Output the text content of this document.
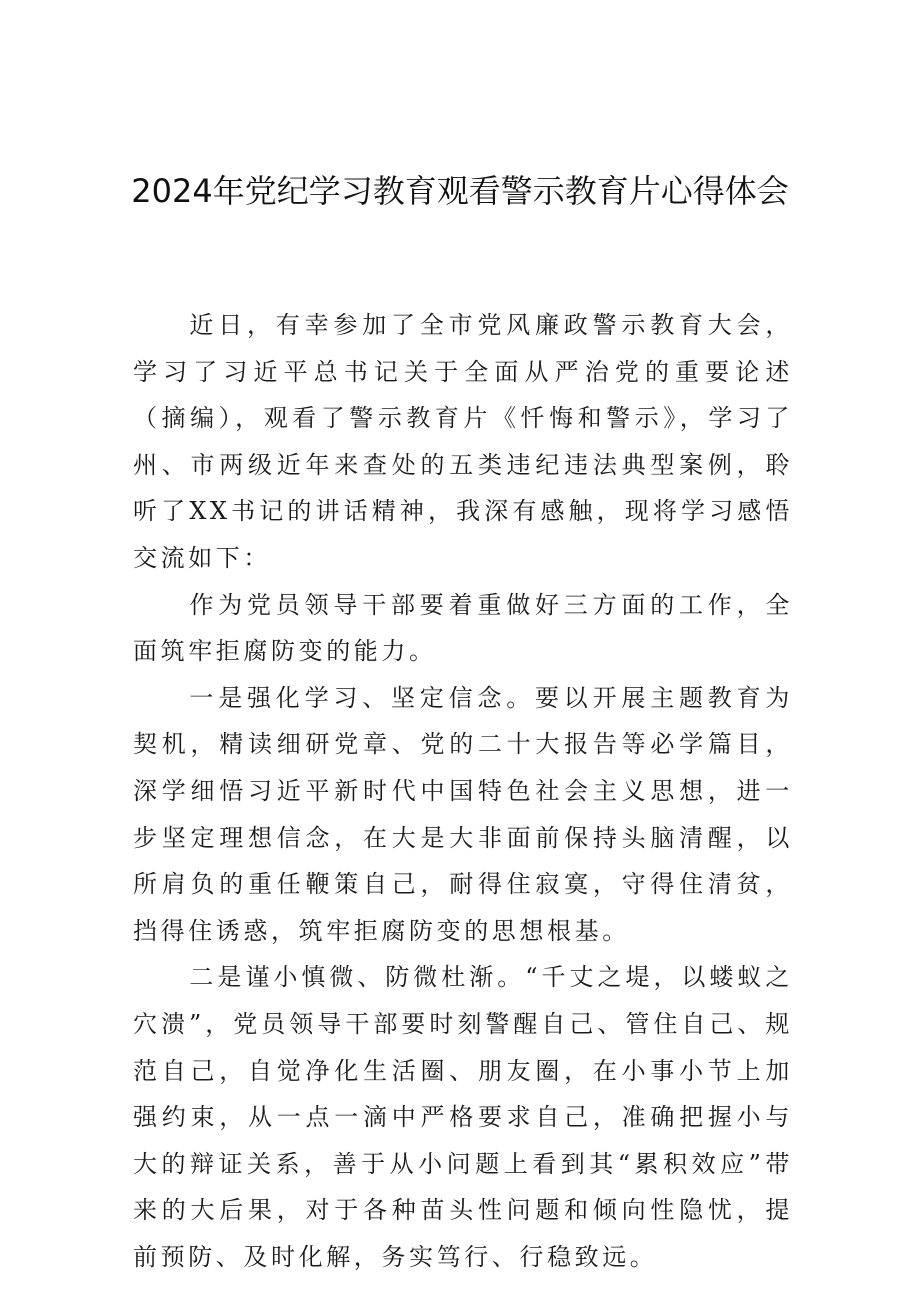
2024年党纪学习教育观看警示教育片心得体会

近日，有幸参加了全市党风廉政警示教育大会，学习了习近平总书记关于全面从严治党的重要论述（摘编），观看了警示教育片《忏悔和警示》，学习了州、市两级近年来查处的五类违纪违法典型案例，聆听了XX书记的讲话精神，我深有感触，现将学习感悟交流如下：

作为党员领导干部要着重做好三方面的工作，全面筑牢拒腐防变的能力。

一是强化学习、坚定信念。要以开展主题教育为契机，精读细研党章、党的二十大报告等必学篇目，深学细悟习近平新时代中国特色社会主义思想，进一步坚定理想信念，在大是大非面前保持头脑清醒，以所肩负的重任鞭策自己，耐得住寂寞，守得住清贫，挡得住诱惑，筑牢拒腐防变的思想根基。

二是谨小慎微、防微杜渐。“千丈之堤，以蝼蚁之穴溃”，党员领导干部要时刻警醒自己、管住自己、规范自己，自觉净化生活圈、朋友圈，在小事小节上加强约束，从一点一滴中严格要求自己，准确把握小与大的辩证关系，善于从小问题上看到其“累积效应”带来的大后果，对于各种苗头性问题和倾向性隐忧，提前预防、及时化解，务实笃行、行稳致远。
